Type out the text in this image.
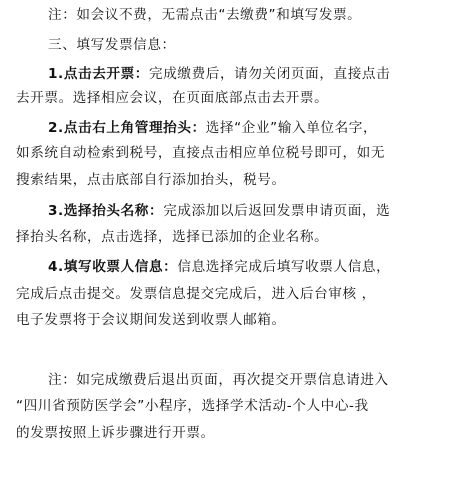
注：如会议不费，无需点击“去缴费”和填写发票。
三、填写发票信息：
1.点击去开票：完成缴费后，请勿关闭页面，直接点击
去开票。选择相应会议，在页面底部点击去开票。
2.点击右上角管理抬头：选择“企业”输入单位名字，
如系统自动检索到税号，直接点击相应单位税号即可，如无
搜索结果，点击底部自行添加抬头，税号。
3.选择抬头名称：完成添加以后返回发票申请页面，选
择抬头名称，点击选择，选择已添加的企业名称。
4.填写收票人信息：信息选择完成后填写收票人信息，
完成后点击提交。发票信息提交完成后，进入后台审核 ，
电子发票将于会议期间发送到收票人邮箱。
注：如完成缴费后退出页面，再次提交开票信息请进入
“四川省预防医学会”小程序，选择学术活动-个人中心-我
的发票按照上诉步骤进行开票。
